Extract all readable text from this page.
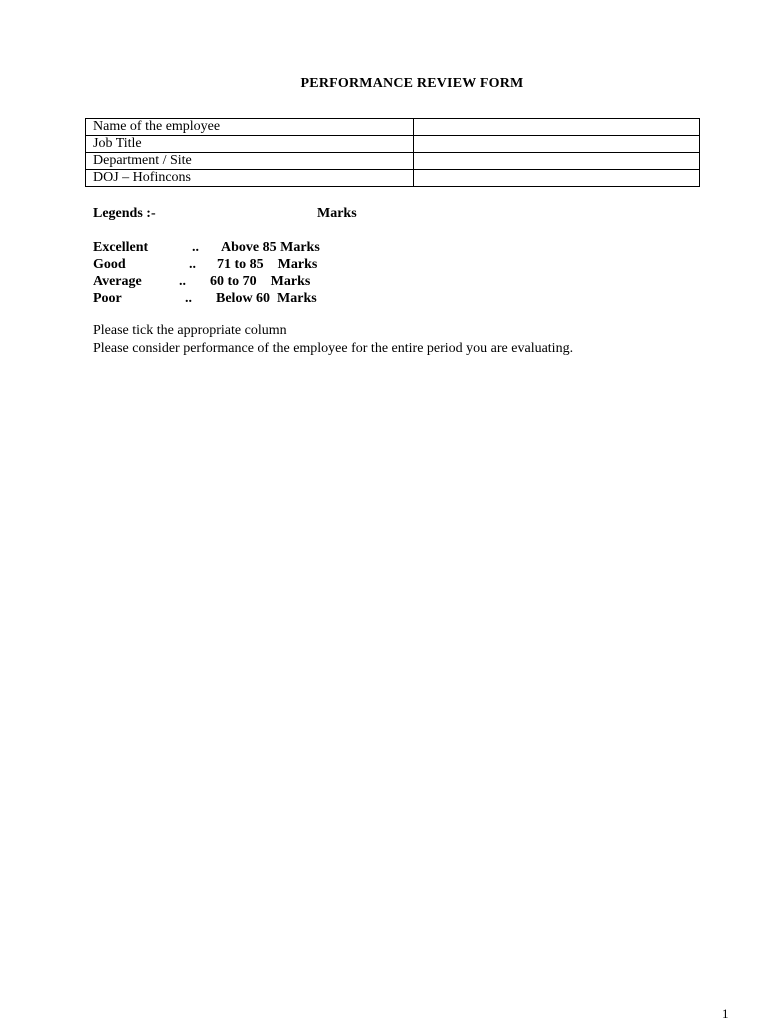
PERFORMANCE REVIEW FORM
Name of the employee	
Job Title	
Department / Site	
DOJ – Hofincons	
Legends :-	Marks
Excellent	.. Above 85 Marks
Good	.. 71 to 85    Marks
Average	.. 60 to 70    Marks
Poor	.. Below 60  Marks
Please tick the appropriate column
Please consider performance of the employee for the entire period you are evaluating.
1
